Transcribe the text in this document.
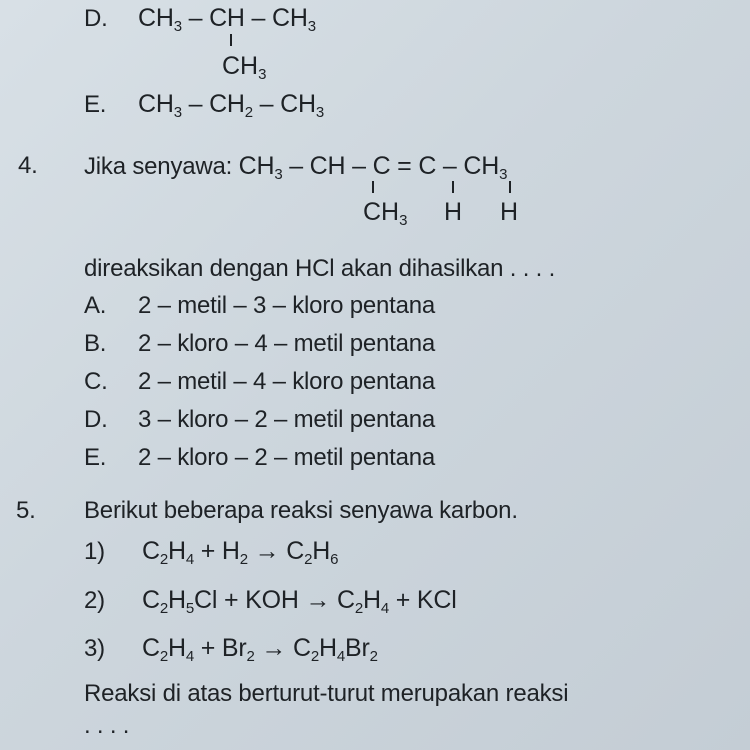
D. $CH_3$ – CH – $CH_3$
$CH_3$
E. $CH_3 - CH_2 - CH_3$
4. Jika senyawa: $CH_3$ – CH – $C = C - CH_3$
$CH_3$ H H
direaksikan dengan HCl akan dihasilkan . . . .
A. 2 – metil – 3 – kloro pentana
B. 2 – kloro – 4 – metil pentana
C. 2 – metil – 4 – kloro pentana
D. 3 – kloro – 2 – metil pentana
E. 2 – kloro – 2 – metil pentana
5. Berikut beberapa reaksi senyawa karbon.
1) $C_2H_4 + H_2 \to C_2H_6$
2) $C_2H_5Cl$ + KOH → $C_2H_4$ + KCl
3) $C_2H_4 + Br_2 \to C_2H_4Br_2$
Reaksi di atas berturut-turut merupakan reaksi
. . . .
